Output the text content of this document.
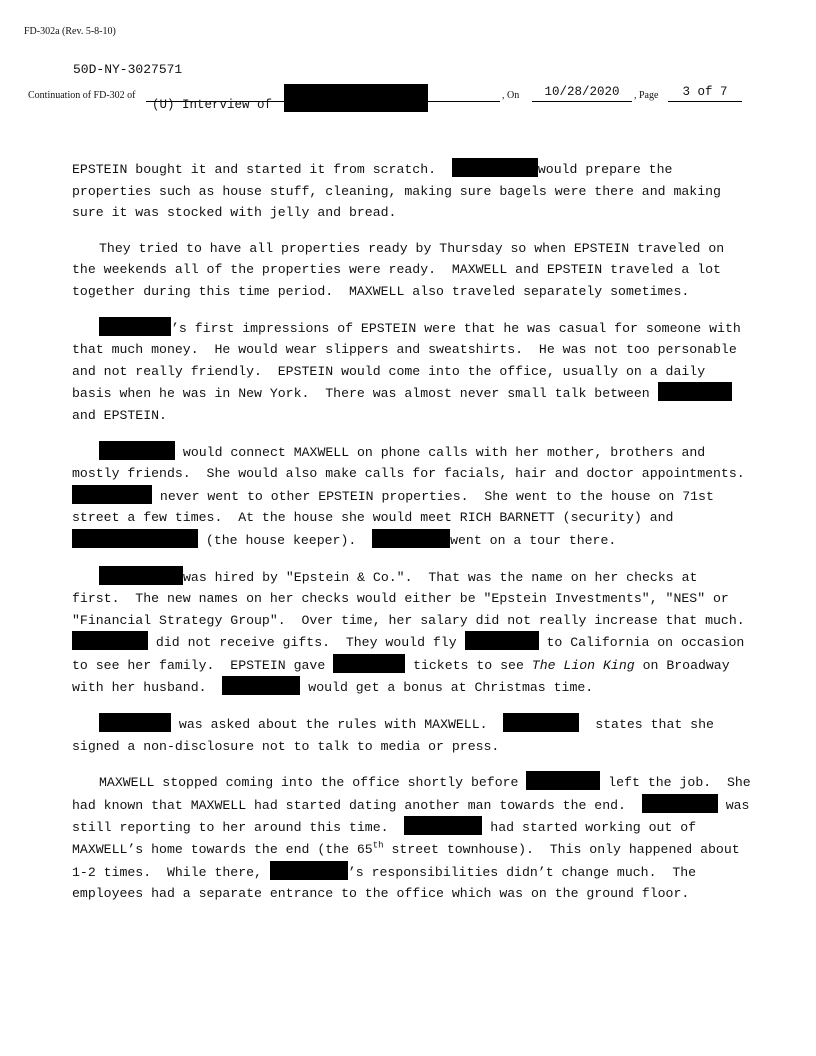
FD-302a (Rev. 5-8-10)
50D-NY-3027571
Continuation of FD-302 of
(U) Interview of
, On	10/28/2020	, Page	3 of 7

EPSTEIN bought it and started it from scratch.	would prepare the properties such as house stuff, cleaning, making sure bagels were there and making sure it was stocked with jelly and bread.

They tried to have all properties ready by Thursday so when EPSTEIN traveled on the weekends all of the properties were ready.  MAXWELL and EPSTEIN traveled a lot together during this time period.  MAXWELL also traveled separately sometimes.

’s first impressions of EPSTEIN were that he was casual for someone with that much money.  He would wear slippers and sweatshirts.  He was not too personable and not really friendly.  EPSTEIN would come into the office, usually on a daily basis when he was in New York.  There was almost never small talk between	and EPSTEIN.

would connect MAXWELL on phone calls with her mother, brothers and mostly friends.  She would also make calls for facials, hair and doctor appointments.   never went to other EPSTEIN properties.  She went to the house on 71st street a few times.  At the house she would meet RICH BARNETT (security) and  (the house keeper).	went on a tour there.

was hired by "Epstein & Co.".  That was the name on her checks at first.  The new names on her checks would either be "Epstein Investments", "NES" or "Financial Strategy Group".  Over time, her salary did not really increase that much.   did not receive gifts.  They would fly	to California on occasion to see her family.  EPSTEIN gave	tickets to see The Lion King on Broadway with her husband.	would get a bonus at Christmas time.

was asked about the rules with MAXWELL.	states that she signed a non-disclosure not to talk to media or press.

MAXWELL stopped coming into the office shortly before	left the job.  She had known that MAXWELL had started dating another man towards the end.	was still reporting to her around this time.	had started working out of MAXWELL’s home towards the end (the 65th street townhouse).  This only happened about 1-2 times.  While there,	’s responsibilities didn’t change much.  The employees had a separate entrance to the office which was on the ground floor.
